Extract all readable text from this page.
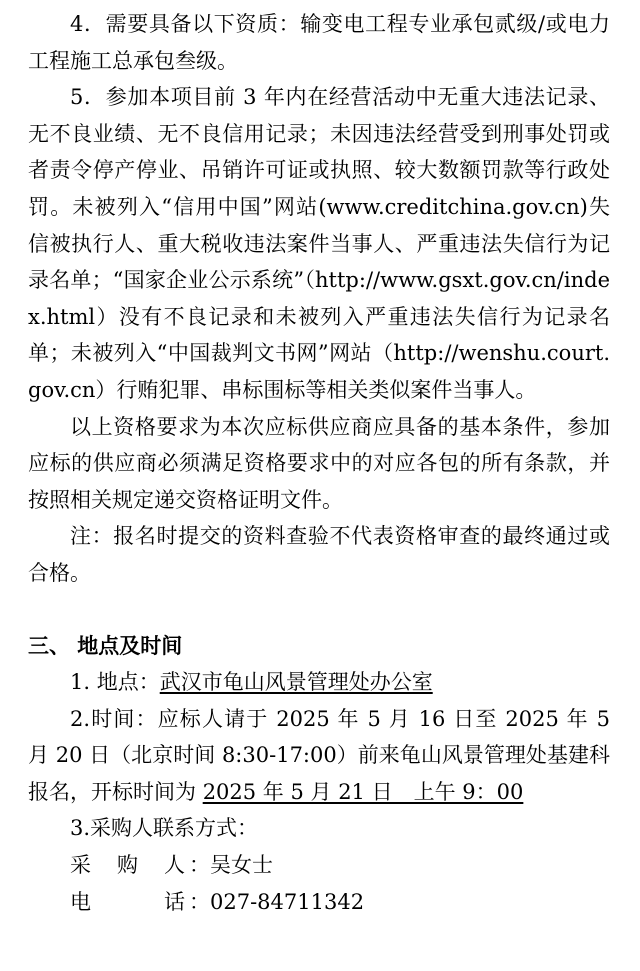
4．需要具备以下资质：输变电工程专业承包贰级/或电力工程施工总承包叁级。

5．参加本项目前 3 年内在经营活动中无重大违法记录、无不良业绩、无不良信用记录；未因违法经营受到刑事处罚或者责令停产停业、吊销许可证或执照、较大数额罚款等行政处罚。未被列入“信用中国”网站(www.creditchina.gov.cn)失信被执行人、重大税收违法案件当事人、严重违法失信行为记录名单；“国家企业公示系统”（http://www.gsxt.gov.cn/index.html）没有不良记录和未被列入严重违法失信行为记录名单；未被列入“中国裁判文书网”网站（http://wenshu.court.gov.cn）行贿犯罪、串标围标等相关类似案件当事人。

以上资格要求为本次应标供应商应具备的基本条件，参加应标的供应商必须满足资格要求中的对应各包的所有条款，并按照相关规定递交资格证明文件。

注：报名时提交的资料查验不代表资格审查的最终通过或合格。

三、 地点及时间

1. 地点：武汉市龟山风景管理处办公室

2.时间：应标人请于 2025 年 5 月 16 日至 2025 年 5 月 20 日（北京时间 8:30-17:00）前来龟山风景管理处基建科报名，开标时间为 2025 年 5 月 21 日　上午 9：00

3.采购人联系方式：

采 购 人 ：吴女士
电	话 ：027-84711342
